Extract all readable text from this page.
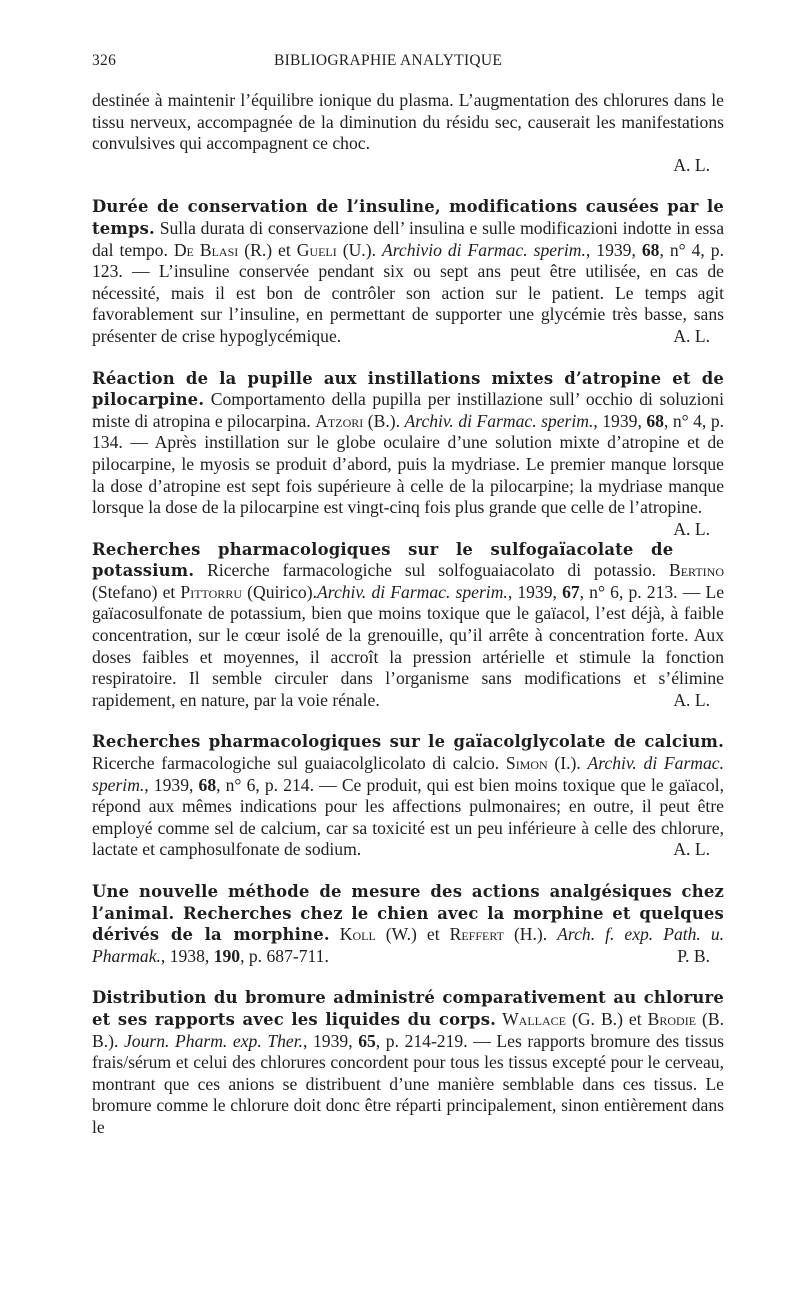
326	BIBLIOGRAPHIE ANALYTIQUE

destinée à maintenir l’équilibre ionique du plasma. L’augmentation des chlorures dans le tissu nerveux, accompagnée de la diminution du résidu sec, causerait les manifestations convulsives qui accompagnent ce choc.

A. L.

Durée de conservation de l’insuline, modifications causées par le temps. Sulla durata di conservazione dell’ insulina e sulle modificazioni indotte in essa dal tempo. De Blasi (R.) et Gueli (U.). Archivio di Farmac. sperim., 1939, 68, n° 4, p. 123. — L’insuline conservée pendant six ou sept ans peut être utilisée, en cas de nécessité, mais il est bon de contrôler son action sur le patient. Le temps agit favorablement sur l’insuline, en permettant de supporter une glycémie très basse, sans présenter de crise hypoglycémique.	A. L.

Réaction de la pupille aux instillations mixtes d’atropine et de pilocarpine. Comportamento della pupilla per instillazione sull’ occhio di soluzioni miste di atropina e pilocarpina. Atzori (B.). Archiv. di Farmac. sperim., 1939, 68, n° 4, p. 134. — Après instillation sur le globe oculaire d’une solution mixte d’atropine et de pilocarpine, le myosis se produit d’abord, puis la mydriase. Le premier manque lorsque la dose d’atropine est sept fois supérieure à celle de la pilocarpine; la mydriase manque lorsque la dose de la pilocarpine est vingt-cinq fois plus grande que celle de l’atropine.
A. L.

Recherches pharmacologiques sur le sulfogaïacolate de potassium. Ricerche farmacologiche sul solfoguaiacolato di potassio. Bertino (Stefano) et Pittorru (Quirico).Archiv. di Farmac. sperim., 1939, 67, n° 6, p. 213. — Le gaïacosulfonate de potassium, bien que moins toxique que le gaïacol, l’est déjà, à faible concentration, sur le cœur isolé de la grenouille, qu’il arrête à concentration forte. Aux doses faibles et moyennes, il accroît la pression artérielle et stimule la fonction respiratoire. Il semble circuler dans l’organisme sans modifications et s’élimine rapidement, en nature, par la voie rénale.	A. L.

Recherches pharmacologiques sur le gaïacolglycolate de calcium. Ricerche farmacologiche sul guaiacolglicolato di calcio. Simon (I.). Archiv. di Farmac. sperim., 1939, 68, n° 6, p. 214. — Ce produit, qui est bien moins toxique que le gaïacol, répond aux mêmes indications pour les affections pulmonaires; en outre, il peut être employé comme sel de calcium, car sa toxicité est un peu inférieure à celle des chlorure, lactate et camphosulfonate de sodium.	A. L.

Une nouvelle méthode de mesure des actions analgésiques chez l’animal. Recherches chez le chien avec la morphine et quelques dérivés de la morphine. Koll (W.) et Reffert (H.). Arch. f. exp. Path. u. Pharmak., 1938, 190, p. 687-711.	P. B.

Distribution du bromure administré comparativement au chlorure et ses rapports avec les liquides du corps. Wallace (G. B.) et Brodie (B. B.). Journ. Pharm. exp. Ther., 1939, 65, p. 214-219. — Les rapports bromure des tissus frais/sérum et celui des chlorures concordent pour tous les tissus excepté pour le cerveau, montrant que ces anions se distribuent d’une manière semblable dans ces tissus. Le bromure comme le chlorure doit donc être réparti principalement, sinon entièrement dans le
